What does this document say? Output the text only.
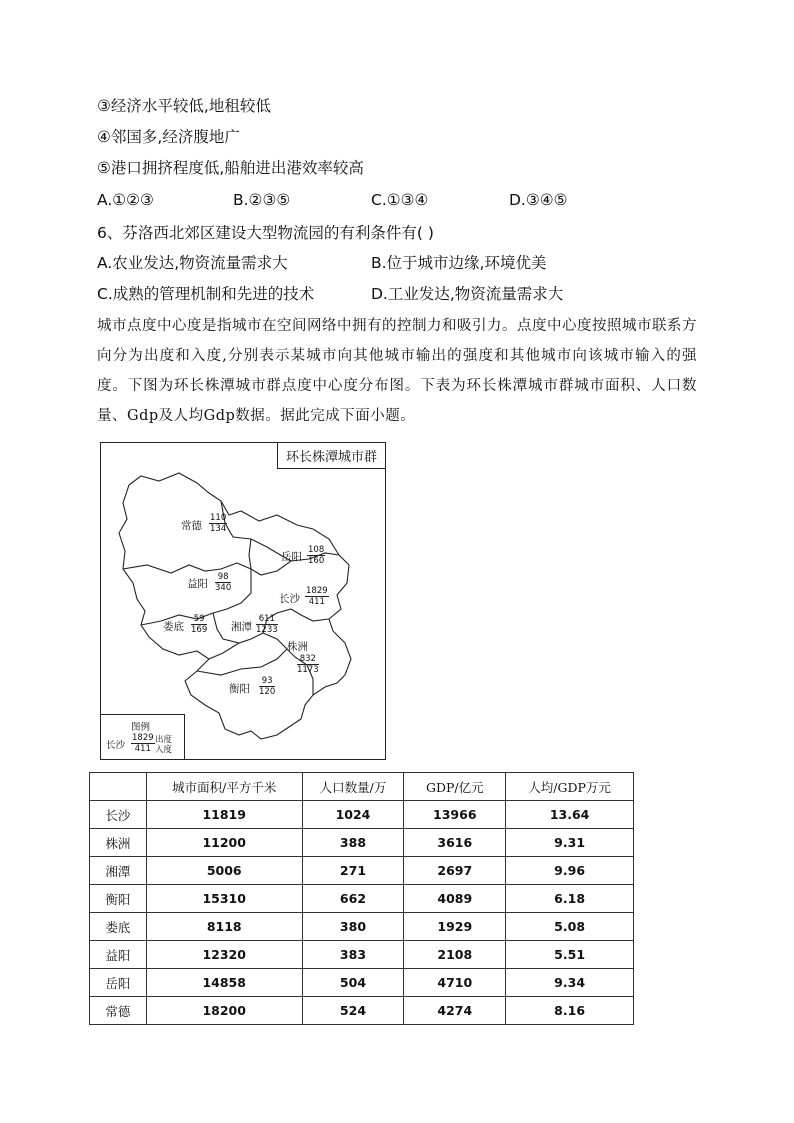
③经济水平较低,地租较低
④邻国多,经济腹地广
⑤港口拥挤程度低,船舶进出港效率较高
A.①②③	B.②③⑤	C.①③④	D.③④⑤
6、芬洛西北郊区建设大型物流园的有利条件有( )
A.农业发达,物资流量需求大	B.位于城市边缘,环境优美
C.成熟的管理机制和先进的技术	D.工业发达,物资流量需求大
城市点度中心度是指城市在空间网络中拥有的控制力和吸引力。点度中心度按照城市联系方向分为出度和入度,分别表示某城市向其他城市输出的强度和其他城市向该城市输入的强度。下图为环长株潭城市群点度中心度分布图。下表为环长株潭城市群城市面积、人口数量、Gdp及人均Gdp数据。据此完成下面小题。
环长株潭城市群
常德 $\frac{110}{134}$
岳阳 $\frac{108}{160}$
益阳 $\frac{98}{340}$
长沙 $\frac{1829}{411}$
娄底 $\frac{59}{169}$ 湘潭 $\frac{611}{1233}$
株洲
$\frac{832}{1173}$
衡阳 $\frac{93}{120}$
图例
长沙 $\frac{1829}{411}$ 出度
入度
	城市面积/平方千米	人口数量/万	GDP/亿元	人均/GDP万元
长沙	11819	1024	13966	13.64
株洲	11200	388	3616	9.31
湘潭	5006	271	2697	9.96
衡阳	15310	662	4089	6.18
娄底	8118	380	1929	5.08
益阳	12320	383	2108	5.51
岳阳	14858	504	4710	9.34
常德	18200	524	4274	8.16
